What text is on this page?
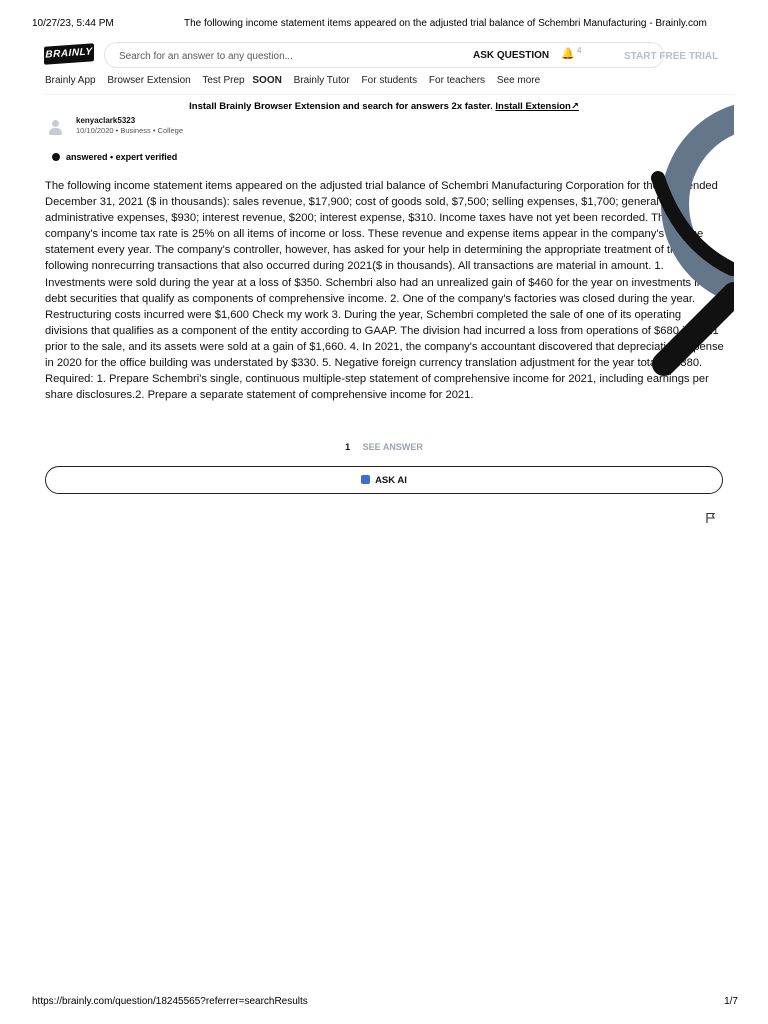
10/27/23, 5:44 PM	The following income statement items appeared on the adjusted trial balance of Schembri Manufacturing - Brainly.com
BRAINLY
Search for an answer to any question...	ASK QUESTION 🔔 4
START FREE TRIAL
Brainly App Browser Extension Test Prep SOON Brainly Tutor For students For teachers See more
Install Brainly Browser Extension and search for answers 2x faster. Install Extension↗
kenyaclark5323
10/10/2020 • Business • College
answered • expert verified

The following income statement items appeared on the adjusted trial balance of Schembri Manufacturing Corporation for the year ended December 31, 2021 ($ in thousands): sales revenue, $17,900; cost of goods sold, $7,500; selling expenses, $1,700; general and administrative expenses, $930; interest revenue, $200; interest expense, $310. Income taxes have not yet been recorded. The company's income tax rate is 25% on all items of income or loss. These revenue and expense items appear in the company's income statement every year. The company's controller, however, has asked for your help in determining the appropriate treatment of the following nonrecurring transactions that also occurred during 2021($ in thousands). All transactions are material in amount. 1. Investments were sold during the year at a loss of $350. Schembri also had an unrealized gain of $460 for the year on investments in debt securities that qualify as components of comprehensive income. 2. One of the company's factories was closed during the year. Restructuring costs incurred were $1,600 Check my work 3. During the year, Schembri completed the sale of one of its operating divisions that qualifies as a component of the entity according to GAAP. The division had incurred a loss from operations of $680 in 2021 prior to the sale, and its assets were sold at a gain of $1,660. 4. In 2021, the company's accountant discovered that depreciation expense in 2020 for the office building was understated by $330. 5. Negative foreign currency translation adjustment for the year totaled $380. Required: 1. Prepare Schembri's single, continuous multiple-step statement of comprehensive income for 2021, including earnings per share disclosures.2. Prepare a separate statement of comprehensive income for 2021.

1 SEE ANSWER
ASK AI
https://brainly.com/question/18245565?referrer=searchResults	1/7
